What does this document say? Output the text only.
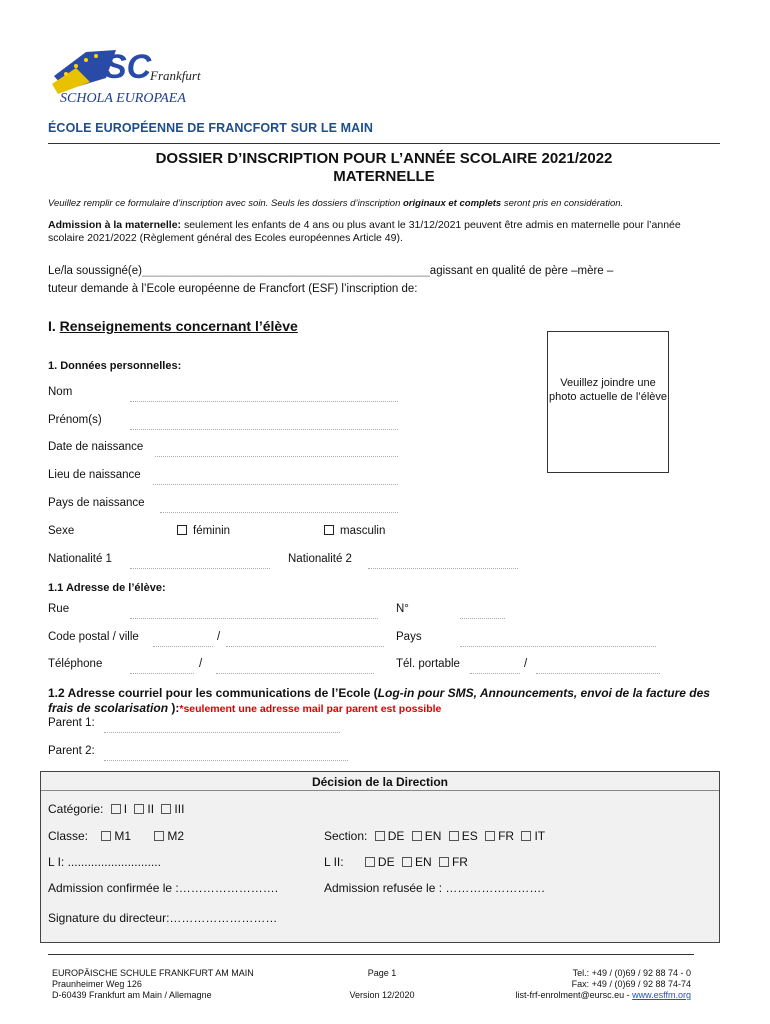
SC
Frankfurt
SCHOLA EUROPAEA
ÉCOLE EUROPÉENNE DE FRANCFORT SUR LE MAIN
DOSSIER D’INSCRIPTION POUR L’ANNÉE SCOLAIRE 2021/2022
MATERNELLE
Veuillez remplir ce formulaire d’inscription avec soin. Seuls les dossiers d’inscription originaux et complets seront pris en considération.
Admission à la maternelle: seulement les enfants de 4 ans ou plus avant le 31/12/2021 peuvent être admis en maternelle pour l’année scolaire 2021/2022 (Règlement général des Ecoles européennes Article 49).
Le/la soussigné(e)_____________________________________________agissant en qualité de père –mère –
tuteur demande à l’Ecole européenne de Francfort (ESF) l’inscription de:
I. Renseignements concernant l’élève
Veuillez joindre une photo actuelle de l’élève
1. Données personnelles:
Nom
Prénom(s)
Date de naissance
Lieu de naissance
Pays de naissance
Sexe	féminin	masculin
Nationalité 1	Nationalité 2
1.1 Adresse de l’élève:
Rue	N°
Code postal / ville	/	Pays
Téléphone	/	Tél. portable	/
1.2 Adresse courriel pour les communications de l’Ecole (Log-in pour SMS, Announcements, envoi de la facture des frais de scolarisation ):*seulement une adresse mail par parent est possible
Parent 1:
Parent 2:
Décision de la Direction
Catégorie: I II III
Classe: M1	M2	Section: DE EN ES FR IT
L I: ............................	L II:	DE EN FR
Admission confirmée le :…………………….	Admission refusée le : …………………….
Signature du directeur:………………………
EUROPÄISCHE SCHULE FRANKFURT AM MAIN
Praunheimer Weg 126
D-60439 Frankfurt am Main / Allemagne
Page 1
Version 12/2020
Tel.: +49 / (0)69 / 92 88 74 - 0
Fax: +49 / (0)69 / 92 88 74-74
list-frf-enrolment@eursc.eu - www.esffm.org
